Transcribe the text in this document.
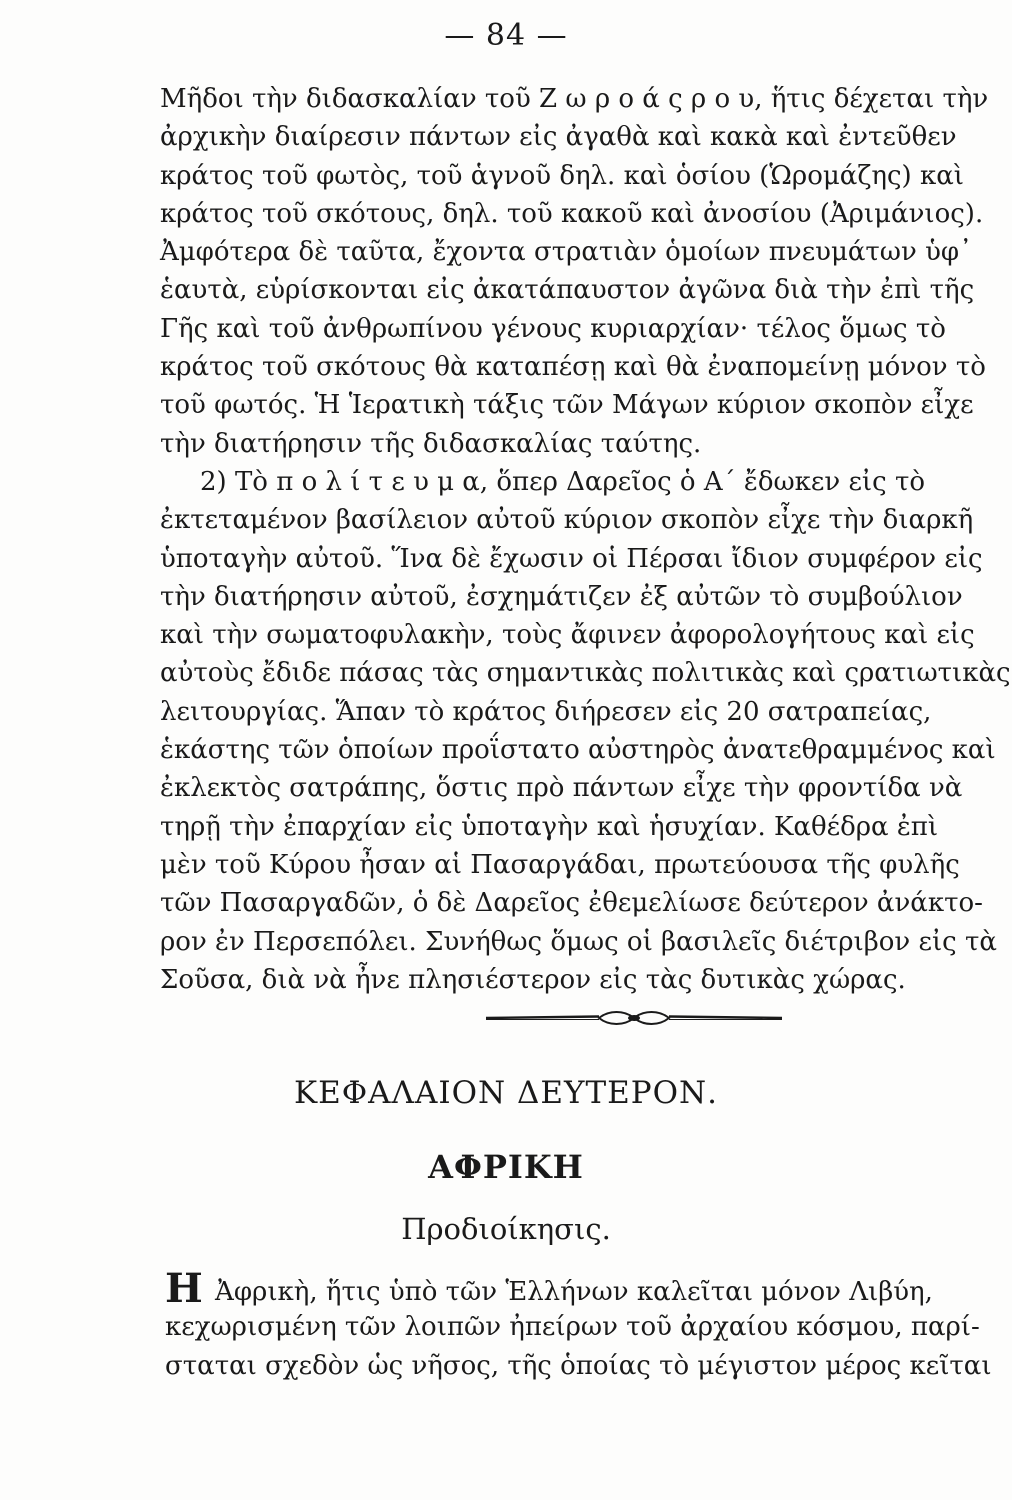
— 84 —
Μῆδοι τὴν διδασκαλίαν τοῦ Ζ ω ρ ο ά ς ρ ο υ, ἥτις δέχεται τὴν
ἀρχικὴν διαίρεσιν πάντων εἰς ἀγαθὰ καὶ κακὰ καὶ ἐντεῦθεν
κράτος τοῦ φωτὸς, τοῦ ἁγνοῦ δηλ. καὶ ὁσίου (Ὡρομάζης) καὶ
κράτος τοῦ σκότους, δηλ. τοῦ κακοῦ καὶ ἀνοσίου (Ἀριμάνιος).
Ἀμφότερα δὲ ταῦτα, ἔχοντα στρατιὰν ὁμοίων πνευμάτων ὑφ᾽
ἑαυτὰ, εὑρίσκονται εἰς ἀκατάπαυστον ἀγῶνα διὰ τὴν ἐπὶ τῆς
Γῆς καὶ τοῦ ἀνθρωπίνου γένους κυριαρχίαν· τέλος ὅμως τὸ
κράτος τοῦ σκότους θὰ καταπέσῃ καὶ θὰ ἐναπομείνῃ μόνον τὸ
τοῦ φωτός. Ἡ Ἱερατικὴ τάξις τῶν Μάγων κύριον σκοπὸν εἶχε
τὴν διατήρησιν τῆς διδασκαλίας ταύτης.
2) Τὸ π ο λ ί τ ε υ μ α, ὅπερ Δαρεῖος ὁ Α΄ ἔδωκεν εἰς τὸ
ἐκτεταμένον βασίλειον αὐτοῦ κύριον σκοπὸν εἶχε τὴν διαρκῆ
ὑποταγὴν αὐτοῦ. Ἵνα δὲ ἔχωσιν οἱ Πέρσαι ἴδιον συμφέρον εἰς
τὴν διατήρησιν αὐτοῦ, ἐσχημάτιζεν ἐξ αὐτῶν τὸ συμβούλιον
καὶ τὴν σωματοφυλακὴν, τοὺς ἄφινεν ἀφορολογήτους καὶ εἰς
αὐτοὺς ἔδιδε πάσας τὰς σημαντικὰς πολιτικὰς καὶ ςρατιωτικὰς
λειτουργίας. Ἅπαν τὸ κράτος διήρεσεν εἰς 20 σατραπείας,
ἑκάστης τῶν ὁποίων προΐστατο αὐστηρὸς ἀνατεθραμμένος καὶ
ἐκλεκτὸς σατράπης, ὅστις πρὸ πάντων εἶχε τὴν φροντίδα νὰ
τηρῇ τὴν ἐπαρχίαν εἰς ὑποταγὴν καὶ ἡσυχίαν. Καθέδρα ἐπὶ
μὲν τοῦ Κύρου ἦσαν αἱ Πασαργάδαι, πρωτεύουσα τῆς φυλῆς
τῶν Πασαργαδῶν, ὁ δὲ Δαρεῖος ἐθεμελίωσε δεύτερον ἀνάκτο-
ρον ἐν Περσεπόλει. Συνήθως ὅμως οἱ βασιλεῖς διέτριβον εἰς τὰ
Σοῦσα, διὰ νὰ ἦνε πλησιέστερον εἰς τὰς δυτικὰς χώρας.
ΚΕΦΑΛΑΙΟΝ ΔΕΥΤΕΡΟΝ.
ΑΦΡΙΚΗ
Προδιοίκησις.
Η Ἀφρικὴ, ἥτις ὑπὸ τῶν Ἑλλήνων καλεῖται μόνον Λιβύη,
κεχωρισμένη τῶν λοιπῶν ἠπείρων τοῦ ἀρχαίου κόσμου, παρί-
σταται σχεδὸν ὡς νῆσος, τῆς ὁποίας τὸ μέγιστον μέρος κεῖται
